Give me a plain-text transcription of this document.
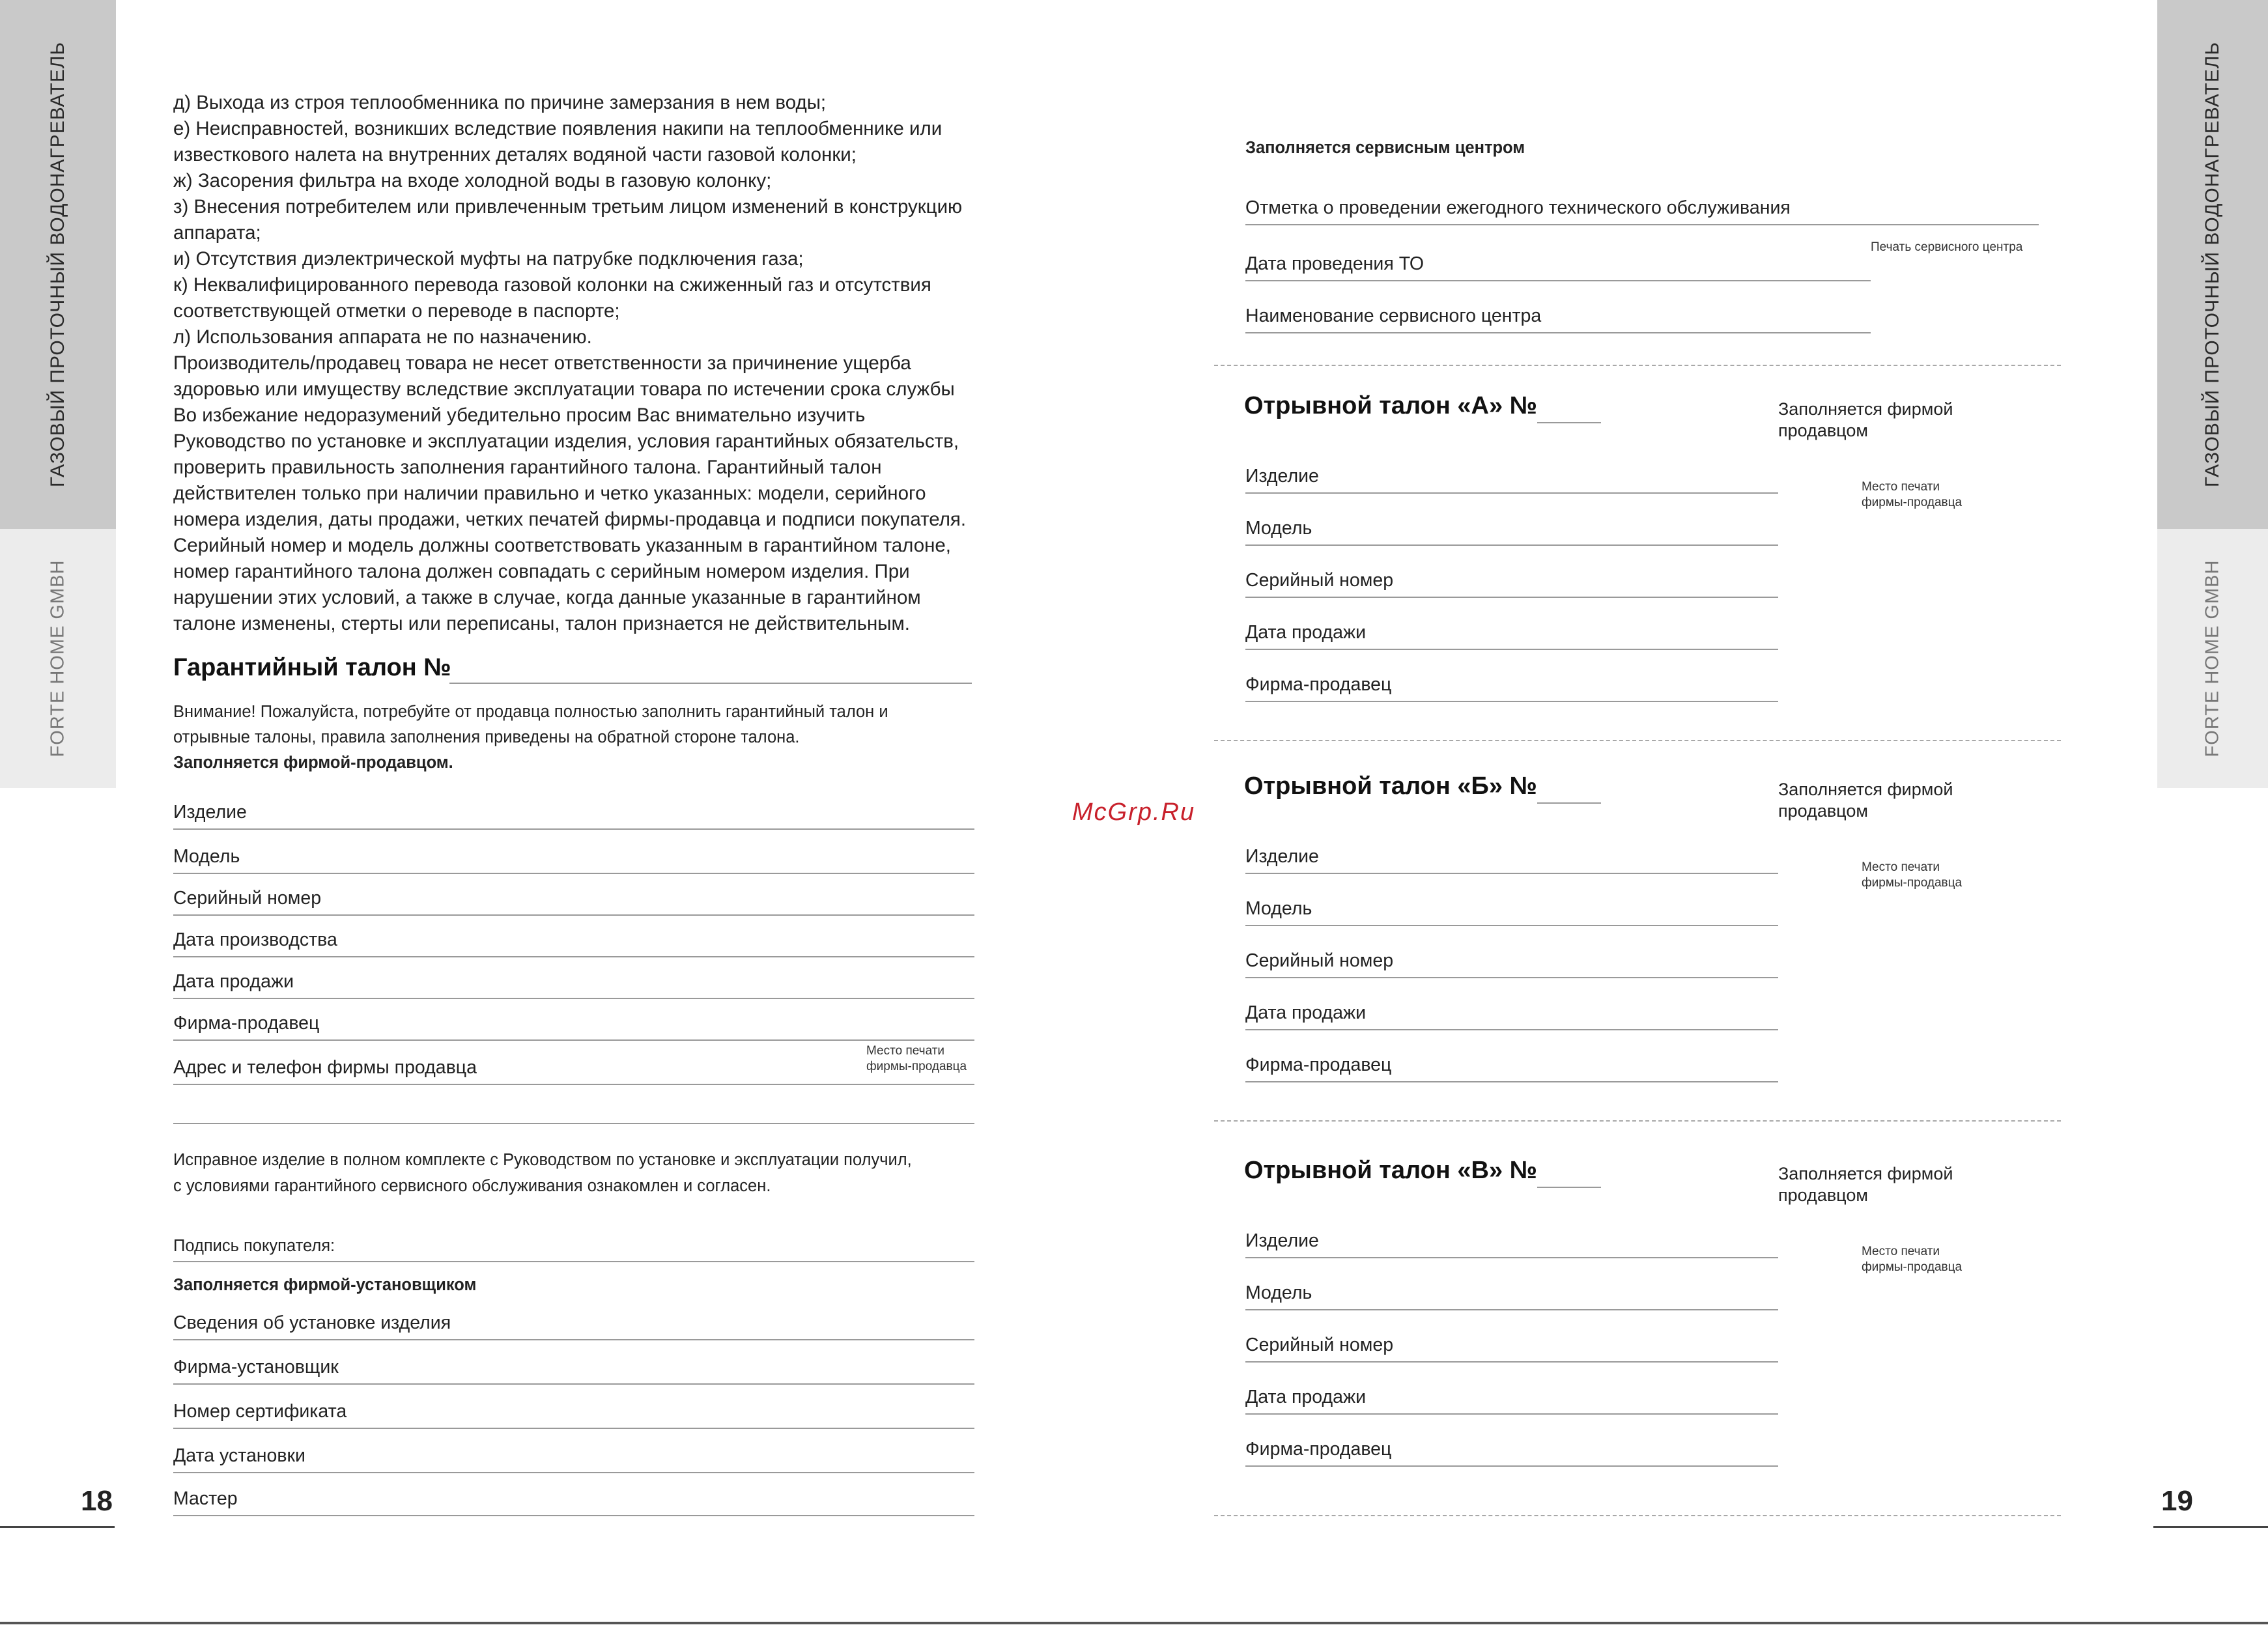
ГАЗОВЫЙ ПРОТОЧНЫЙ ВОДОНАГРЕВАТЕЛЬ
FORTE HOME GMBH
ГАЗОВЫЙ ПРОТОЧНЫЙ ВОДОНАГРЕВАТЕЛЬ
FORTE HOME GMBH
18	19
д) Выхода из строя теплообменника по причине замерзания в нем воды;
е) Неисправностей, возникших вследствие появления накипи на теплообменнике или
известкового налета на внутренних деталях водяной части газовой колонки;
ж) Засорения фильтра на входе холодной воды в газовую колонку;
з) Внесения потребителем или привлеченным третьим лицом изменений в конструкцию
аппарата;
и) Отсутствия диэлектрической муфты на патрубке подключения газа;
к) Неквалифицированного перевода газовой колонки на сжиженный газ и отсутствия
соответствующей отметки о переводе в паспорте;
л) Использования аппарата не по назначению.
Производитель/продавец товара не несет ответственности за причинение ущерба
здоровью или имуществу вследствие эксплуатации товара по истечении срока службы
Во избежание недоразумений убедительно просим Вас внимательно изучить
Руководство по установке и эксплуатации изделия, условия гарантийных обязательств,
проверить правильность заполнения гарантийного талона. Гарантийный талон
действителен только при наличии правильно и четко указанных: модели, серийного
номера изделия, даты продажи, четких печатей фирмы-продавца и подписи покупателя.
Серийный номер и модель должны соответствовать указанным в гарантийном талоне,
номер гарантийного талона должен совпадать с серийным номером изделия. При
нарушении этих условий, а также в случае, когда данные указанные в гарантийном
талоне изменены, стерты или переписаны, талон признается не действительным.
Гарантийный талон №
Внимание! Пожалуйста, потребуйте от продавца полностью заполнить гарантийный талон и
отрывные талоны, правила заполнения приведены на обратной стороне талона.
Заполняется фирмой-продавцом.
Изделие
Модель
Серийный номер
Дата производства
Дата продажи
Фирма-продавец
Адрес и телефон фирмы продавца
Место печати
фирмы-продавца
Исправное изделие в полном комплекте с Руководством по установке и эксплуатации получил,
с условиями гарантийного сервисного обслуживания ознакомлен и согласен.
Подпись покупателя:
Заполняется фирмой-установщиком
Сведения об установке изделия
Фирма-установщик
Номер сертификата
Дата установки
Мастер
McGrp.Ru
Заполняется сервисным центром
Отметка о проведении ежегодного технического обслуживания
Печать сервисного центра
Дата проведения ТО
Наименование сервисного центра
Отрывной талон «А» №	Заполняется фирмой
продавцом
Место печати
фирмы-продавца
Изделие
Модель
Серийный номер
Дата продажи
Фирма-продавец
Отрывной талон «Б» №	Заполняется фирмой
продавцом
Место печати
фирмы-продавца
Изделие
Модель
Серийный номер
Дата продажи
Фирма-продавец
Отрывной талон «В» №	Заполняется фирмой
продавцом
Место печати
фирмы-продавца
Изделие
Модель
Серийный номер
Дата продажи
Фирма-продавец
